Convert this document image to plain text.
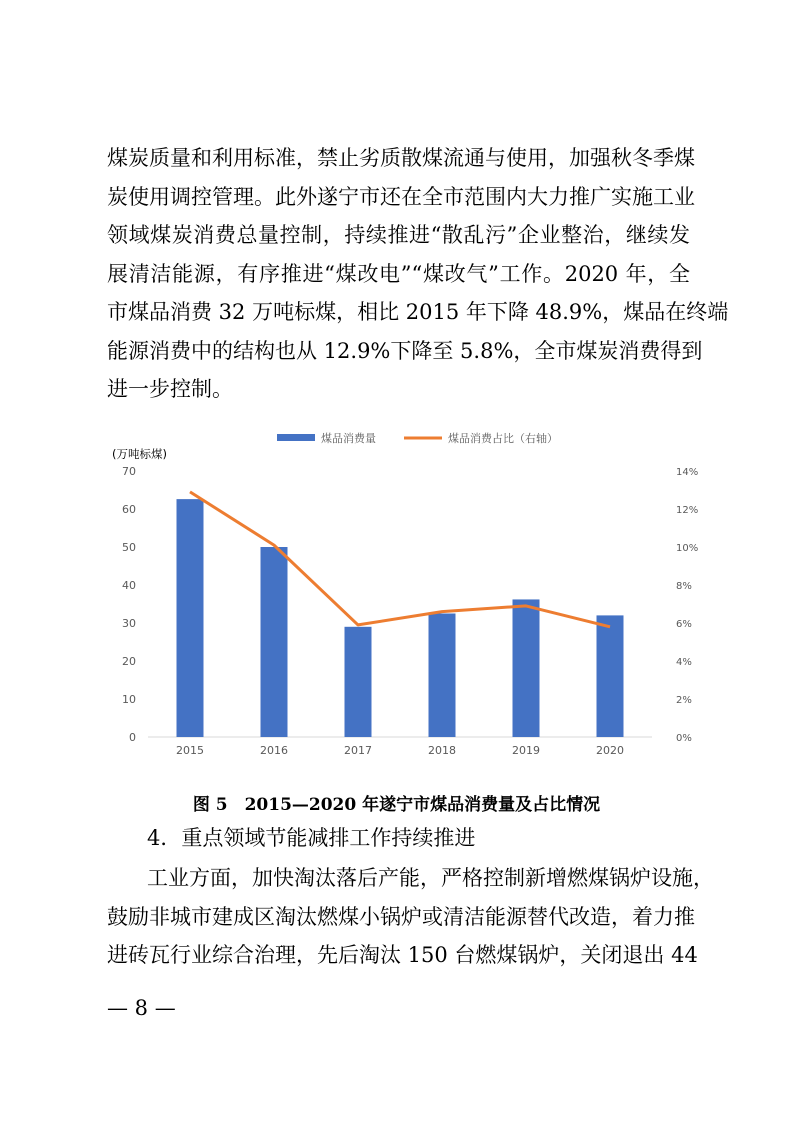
煤炭质量和利用标准，禁止劣质散煤流通与使用，加强秋冬季煤
炭使用调控管理。此外遂宁市还在全市范围内大力推广实施工业
领域煤炭消费总量控制，持续推进“散乱污”企业整治，继续发
展清洁能源，有序推进“煤改电”“煤改气”工作。2020 年，全
市煤品消费 32 万吨标煤，相比 2015 年下降 48.9%，煤品在终端
能源消费中的结构也从 12.9%下降至 5.8%，全市煤炭消费得到
进一步控制。
煤品消费量	煤品消费占比（右轴）
(万吨标煤)
0
10
20
30
40
50
60
70
0%
2%
4%
6%
8%
10%
12%
14%
2015	2016	2017	2018	2019	2020
图 5　2015—2020 年遂宁市煤品消费量及占比情况
4．重点领域节能减排工作持续推进
工业方面，加快淘汰落后产能，严格控制新增燃煤锅炉设施，
鼓励非城市建成区淘汰燃煤小锅炉或清洁能源替代改造，着力推
进砖瓦行业综合治理，先后淘汰 150 台燃煤锅炉，关闭退出 44
— 8 —
